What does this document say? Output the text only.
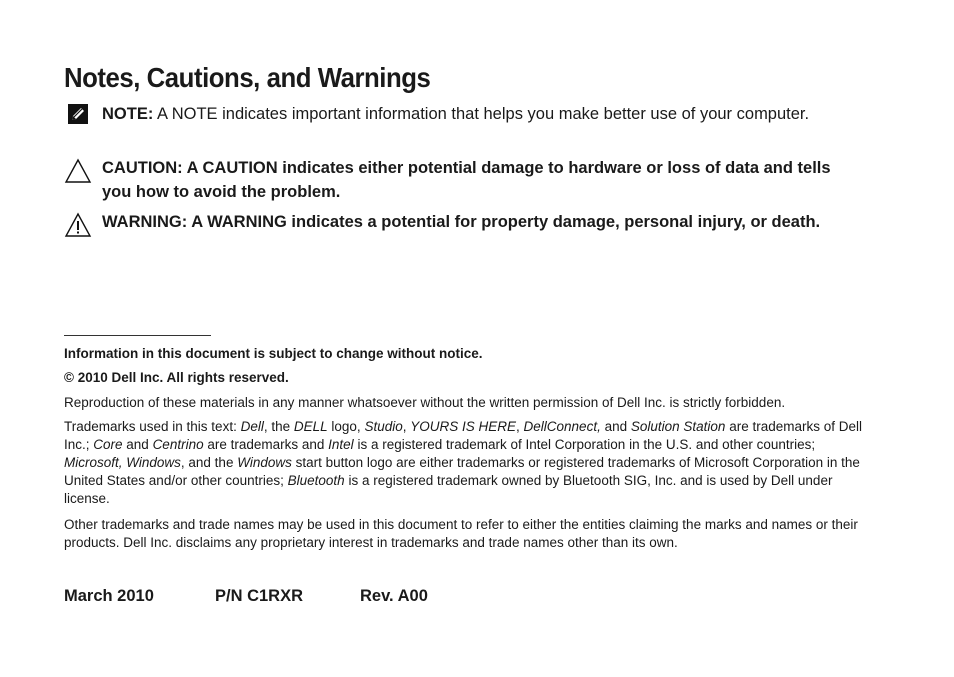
Notes, Cautions, and Warnings
NOTE: A NOTE indicates important information that helps you make better use of your computer.
CAUTION: A CAUTION indicates either potential damage to hardware or loss of data and tells you how to avoid the problem.
WARNING: A WARNING indicates a potential for property damage, personal injury, or death.
Information in this document is subject to change without notice.
© 2010 Dell Inc. All rights reserved.
Reproduction of these materials in any manner whatsoever without the written permission of Dell Inc. is strictly forbidden.
Trademarks used in this text: Dell, the DELL logo, Studio, YOURS IS HERE, DellConnect, and Solution Station are trademarks of Dell Inc.; Core and Centrino are trademarks and Intel is a registered trademark of Intel Corporation in the U.S. and other countries; Microsoft, Windows, and the Windows start button logo are either trademarks or registered trademarks of Microsoft Corporation in the United States and/or other countries; Bluetooth is a registered trademark owned by Bluetooth SIG, Inc. and is used by Dell under license.
Other trademarks and trade names may be used in this document to refer to either the entities claiming the marks and names or their products. Dell Inc. disclaims any proprietary interest in trademarks and trade names other than its own.
March 2010	P/N C1RXR	Rev. A00
